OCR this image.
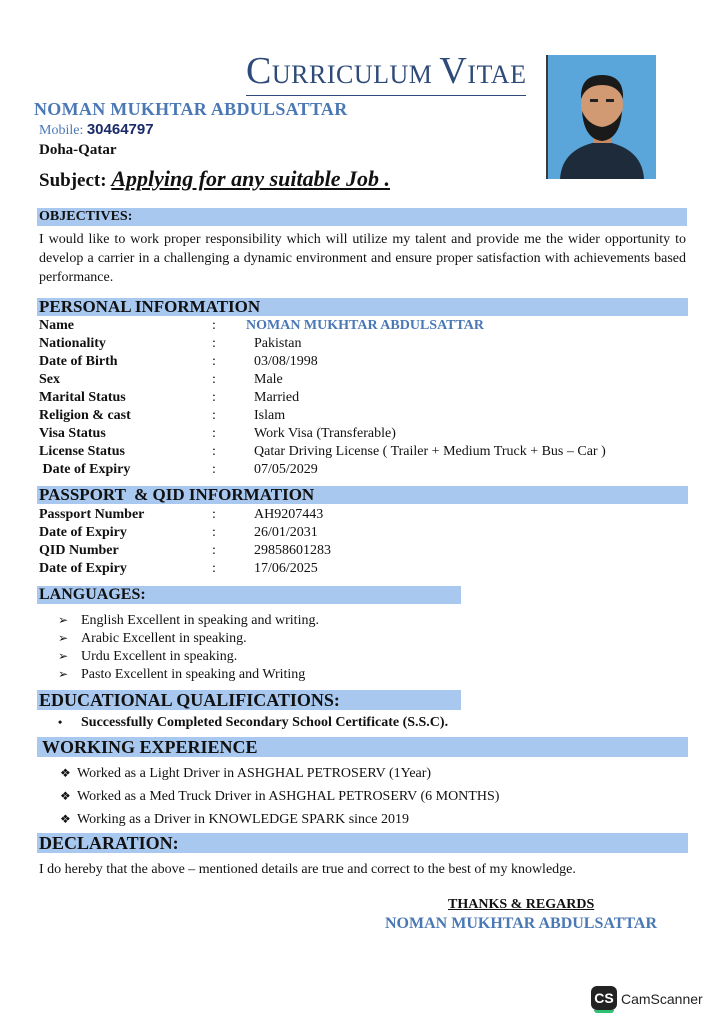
CURRICULUM VITAE
NOMAN MUKHTAR ABDULSATTAR
Mobile: 30464797
Doha-Qatar
Subject: Applying for any suitable Job .
OBJECTIVES:
I would like to work proper responsibility which will utilize my talent and provide me the wider opportunity to develop a carrier in a challenging a dynamic environment and ensure proper satisfaction with achievements based performance.
PERSONAL INFORMATION
Name	: NOMAN MUKHTAR ABDULSATTAR
Nationality	:	Pakistan
Date of Birth	:	03/08/1998
Sex	:	Male
Marital Status	:	Married
Religion & cast	:	Islam
Visa Status	:	Work Visa (Transferable)
License Status	:	Qatar Driving License ( Trailer + Medium Truck + Bus – Car )
Date of Expiry	:	07/05/2029
PASSPORT  & QID INFORMATION
Passport Number	:	AH9207443
Date of Expiry	:	26/01/2031
QID Number	:	29858601283
Date of Expiry	:	17/06/2025
LANGUAGES:
➢ English Excellent in speaking and writing.
➢ Arabic Excellent in speaking.
➢ Urdu Excellent in speaking.
➢ Pasto Excellent in speaking and Writing
EDUCATIONAL QUALIFICATIONS:
• Successfully Completed Secondary School Certificate (S.S.C).
WORKING EXPERIENCE
❖ Worked as a Light Driver in ASHGHAL PETROSERV (1Year)
❖ Worked as a Med Truck Driver in ASHGHAL PETROSERV (6 MONTHS)
❖ Working as a Driver in KNOWLEDGE SPARK since 2019
DECLARATION:
I do hereby that the above – mentioned details are true and correct to the best of my knowledge.
THANKS & REGARDS
NOMAN MUKHTAR ABDULSATTAR
CS CamScanner
